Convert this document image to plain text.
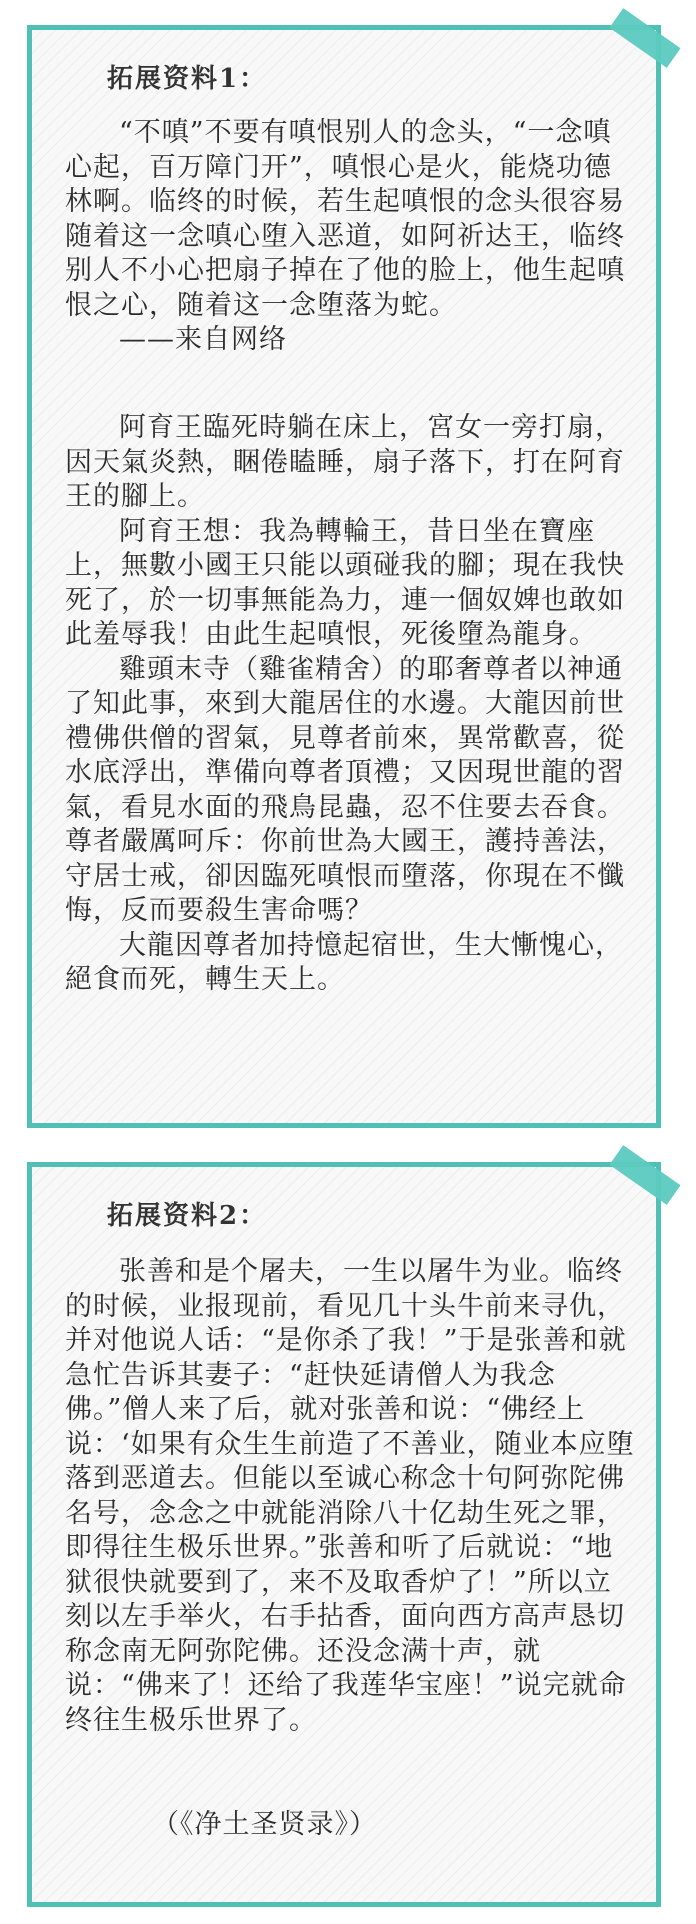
拓展资料1：

“不嗔”不要有嗔恨别人的念头，“一念嗔心起，百万障门开”，嗔恨心是火，能烧功德林啊。临终的时候，若生起嗔恨的念头很容易随着这一念嗔心堕入恶道，如阿祈达王，临终别人不小心把扇子掉在了他的脸上，他生起嗔恨之心，随着这一念堕落为蛇。

——来自网络

阿育王臨死時躺在床上，宮女一旁打扇，因天氣炎熱，睏倦瞌睡，扇子落下，打在阿育王的腳上。

阿育王想：我為轉輪王，昔日坐在寶座上，無數小國王只能以頭碰我的腳；現在我快死了，於一切事無能為力，連一個奴婢也敢如此羞辱我！由此生起嗔恨，死後墮為龍身。

雞頭末寺（雞雀精舍）的耶奢尊者以神通了知此事，來到大龍居住的水邊。大龍因前世禮佛供僧的習氣，見尊者前來，異常歡喜，從水底浮出，準備向尊者頂禮；又因現世龍的習氣，看見水面的飛鳥昆蟲，忍不住要去吞食。尊者嚴厲呵斥：你前世為大國王，護持善法，守居士戒，卻因臨死嗔恨而墮落，你現在不懺悔，反而要殺生害命嗎？

大龍因尊者加持憶起宿世，生大慚愧心，絕食而死，轉生天上。

拓展资料2：

张善和是个屠夫，一生以屠牛为业。临终的时候，业报现前，看见几十头牛前来寻仇，并对他说人话：“是你杀了我！”于是张善和就急忙告诉其妻子：“赶快延请僧人为我念佛。”僧人来了后，就对张善和说：“佛经上说：‘如果有众生生前造了不善业，随业本应堕落到恶道去。但能以至诚心称念十句阿弥陀佛名号，念念之中就能消除八十亿劫生死之罪，即得往生极乐世界。”张善和听了后就说：“地狱很快就要到了，来不及取香炉了！”所以立刻以左手举火，右手拈香，面向西方高声恳切称念南无阿弥陀佛。还没念满十声，就说：“佛来了！还给了我莲华宝座！”说完就命终往生极乐世界了。

（《净土圣贤录》）
